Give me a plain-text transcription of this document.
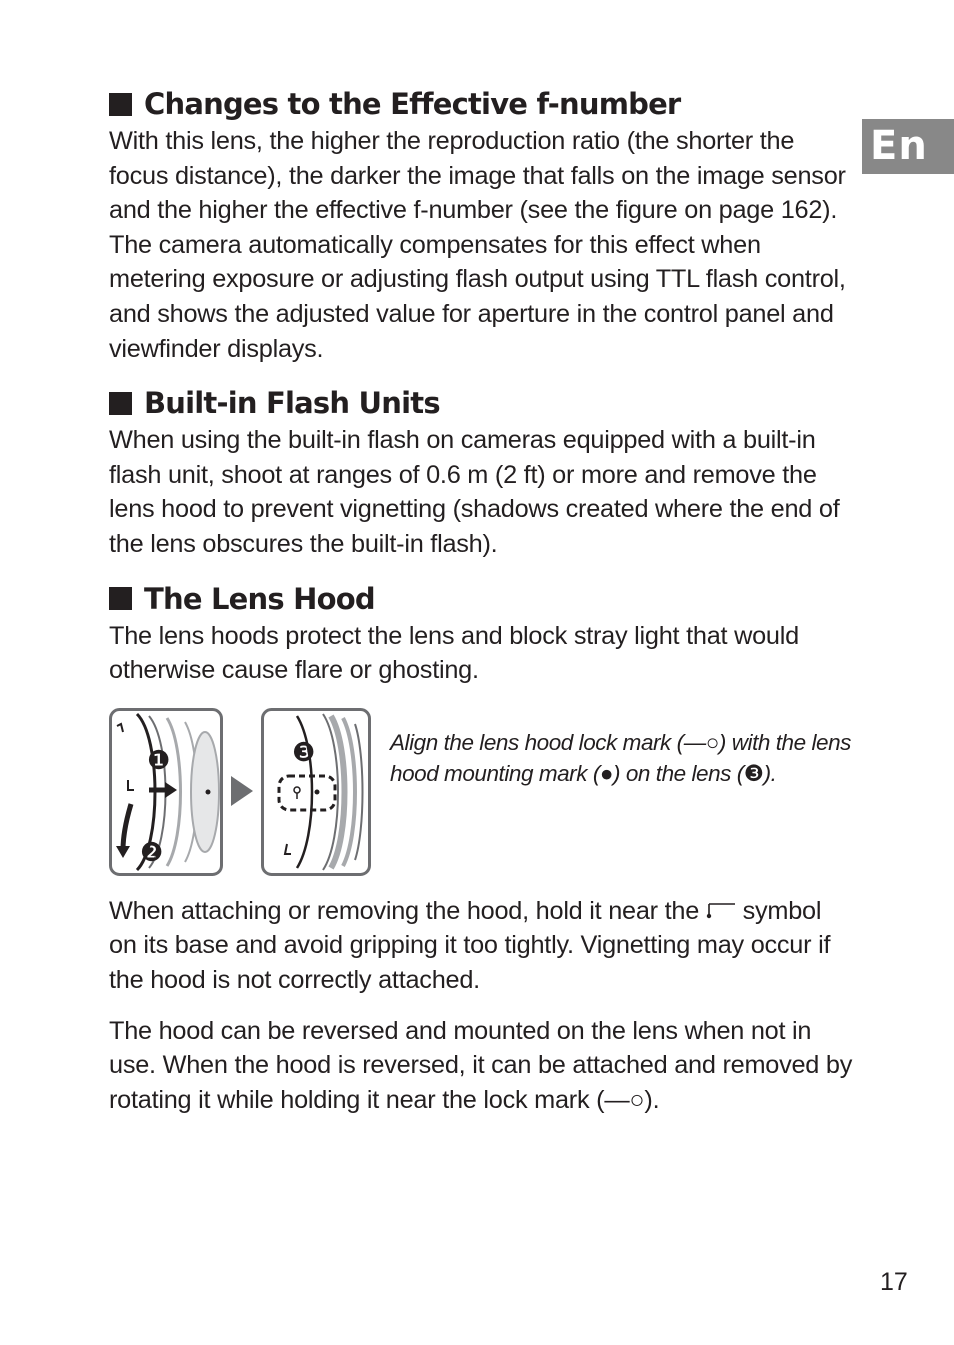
En
Changes to the Effective f-number

With this lens, the higher the reproduction ratio (the shorter the focus distance), the darker the image that falls on the image sensor and the higher the effective f-number (see the figure on page 162). The camera automatically compensates for this effect when metering exposure or adjusting flash output using TTL flash control, and shows the adjusted value for aperture in the control panel and viewfinder displays.

Built-in Flash Units

When using the built-in flash on cameras equipped with a built-in flash unit, shoot at ranges of 0.6 m (2 ft) or more and remove the lens hood to prevent vignetting (shadows created where the end of the lens obscures the built-in flash).

The Lens Hood

The lens hoods protect the lens and block stray light that would otherwise cause flare or ghosting.

❶
❷
❸	Align the lens hood lock mark (—○) with the lens hood mounting mark (●) on the lens (❸).

When attaching or removing the hood, hold it near the symbol on its base and avoid gripping it too tightly. Vignetting may occur if the hood is not correctly attached.

The hood can be reversed and mounted on the lens when not in use. When the hood is reversed, it can be attached and removed by rotating it while holding it near the lock mark (—○).

17
